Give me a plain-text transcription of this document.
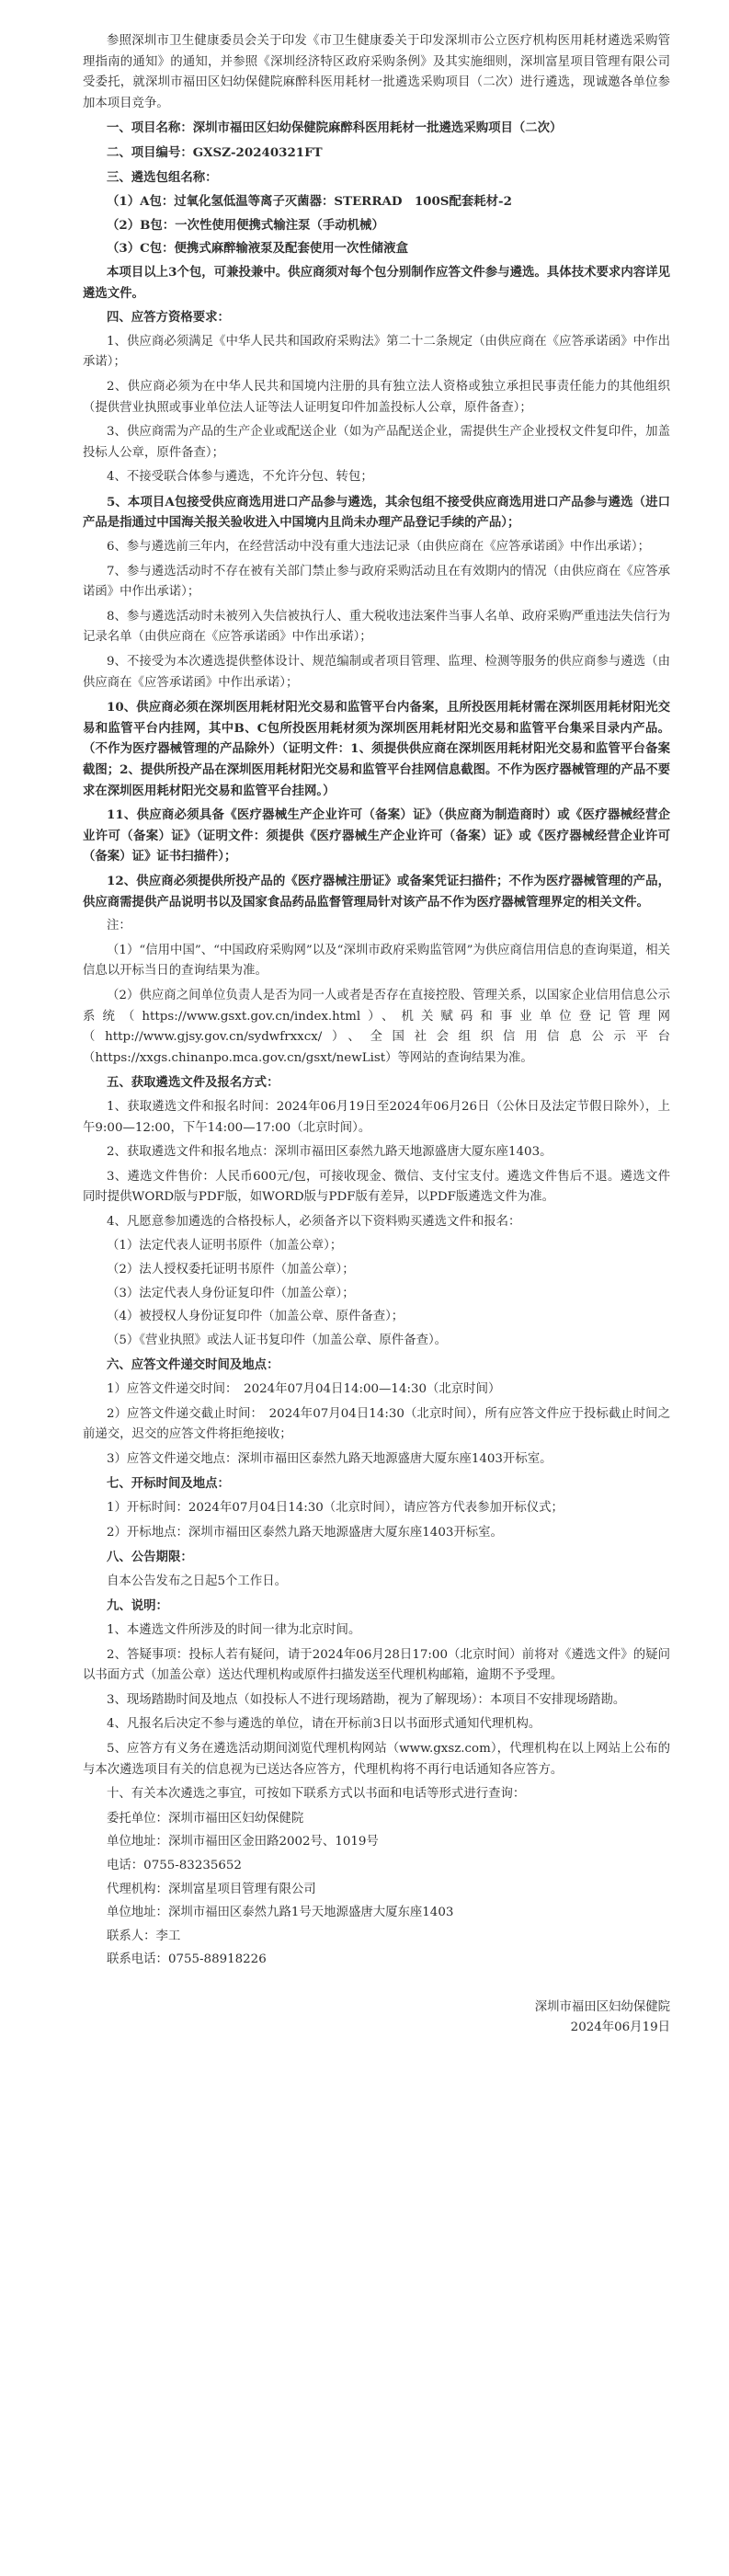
参照深圳市卫生健康委员会关于印发《市卫生健康委关于印发深圳市公立医疗机构医用耗材遴选采购管理指南的通知》的通知，并参照《深圳经济特区政府采购条例》及其实施细则，深圳富星项目管理有限公司受委托，就深圳市福田区妇幼保健院麻醉科医用耗材一批遴选采购项目（二次）进行遴选，现诚邀各单位参加本项目竞争。

一、项目名称：深圳市福田区妇幼保健院麻醉科医用耗材一批遴选采购项目（二次）

二、项目编号：GXSZ-20240321FT

三、遴选包组名称：

（1）A包：过氧化氢低温等离子灭菌器：STERRAD　100S配套耗材-2

（2）B包：一次性使用便携式输注泵（手动机械）

（3）C包：便携式麻醉输液泵及配套使用一次性储液盒

本项目以上3个包，可兼投兼中。供应商须对每个包分别制作应答文件参与遴选。具体技术要求内容详见遴选文件。

四、应答方资格要求：

1、供应商必须满足《中华人民共和国政府采购法》第二十二条规定（由供应商在《应答承诺函》中作出承诺）；

2、供应商必须为在中华人民共和国境内注册的具有独立法人资格或独立承担民事责任能力的其他组织（提供营业执照或事业单位法人证等法人证明复印件加盖投标人公章，原件备查）；

3、供应商需为产品的生产企业或配送企业（如为产品配送企业，需提供生产企业授权文件复印件，加盖投标人公章，原件备查）；

4、不接受联合体参与遴选，不允许分包、转包；

5、本项目A包接受供应商选用进口产品参与遴选，其余包组不接受供应商选用进口产品参与遴选（进口产品是指通过中国海关报关验收进入中国境内且尚未办理产品登记手续的产品）；

6、参与遴选前三年内，在经营活动中没有重大违法记录（由供应商在《应答承诺函》中作出承诺）；

7、参与遴选活动时不存在被有关部门禁止参与政府采购活动且在有效期内的情况（由供应商在《应答承诺函》中作出承诺）；

8、参与遴选活动时未被列入失信被执行人、重大税收违法案件当事人名单、政府采购严重违法失信行为记录名单（由供应商在《应答承诺函》中作出承诺）；

9、不接受为本次遴选提供整体设计、规范编制或者项目管理、监理、检测等服务的供应商参与遴选（由供应商在《应答承诺函》中作出承诺）；

10、供应商必须在深圳医用耗材阳光交易和监管平台内备案，且所投医用耗材需在深圳医用耗材阳光交易和监管平台内挂网，其中B、C包所投医用耗材须为深圳医用耗材阳光交易和监管平台集采目录内产品。（不作为医疗器械管理的产品除外）（证明文件：1、须提供供应商在深圳医用耗材阳光交易和监管平台备案截图；2、提供所投产品在深圳医用耗材阳光交易和监管平台挂网信息截图。不作为医疗器械管理的产品不要求在深圳医用耗材阳光交易和监管平台挂网。）

11、供应商必须具备《医疗器械生产企业许可（备案）证》（供应商为制造商时）或《医疗器械经营企业许可（备案）证》（证明文件：须提供《医疗器械生产企业许可（备案）证》或《医疗器械经营企业许可（备案）证》证书扫描件）；

12、供应商必须提供所投产品的《医疗器械注册证》或备案凭证扫描件；不作为医疗器械管理的产品，供应商需提供产品说明书以及国家食品药品监督管理局针对该产品不作为医疗器械管理界定的相关文件。

注：

（1）“信用中国”、“中国政府采购网”以及“深圳市政府采购监管网”为供应商信用信息的查询渠道，相关信息以开标当日的查询结果为准。

（2）供应商之间单位负责人是否为同一人或者是否存在直接控股、管理关系，以国家企业信用信息公示系统（https://www.gsxt.gov.cn/index.html）、机关赋码和事业单位登记管理网（http://www.gjsy.gov.cn/sydwfrxxcx/）、全国社会组织信用信息公示平台（https://xxgs.chinanpo.mca.gov.cn/gsxt/newList）等网站的查询结果为准。

五、获取遴选文件及报名方式：

1、获取遴选文件和报名时间：2024年06月19日至2024年06月26日（公休日及法定节假日除外），上午9:00—12:00，下午14:00—17:00（北京时间）。

2、获取遴选文件和报名地点：深圳市福田区泰然九路天地源盛唐大厦东座1403。

3、遴选文件售价：人民币600元/包，可接收现金、微信、支付宝支付。遴选文件售后不退。遴选文件同时提供WORD版与PDF版，如WORD版与PDF版有差异，以PDF版遴选文件为准。

4、凡愿意参加遴选的合格投标人，必须备齐以下资料购买遴选文件和报名：

（1）法定代表人证明书原件（加盖公章）；

（2）法人授权委托证明书原件（加盖公章）；

（3）法定代表人身份证复印件（加盖公章）；

（4）被授权人身份证复印件（加盖公章、原件备查）；

（5）《营业执照》或法人证书复印件（加盖公章、原件备查）。

六、应答文件递交时间及地点：

1）应答文件递交时间：　2024年07月04日14:00—14:30（北京时间）

2）应答文件递交截止时间：　2024年07月04日14:30（北京时间），所有应答文件应于投标截止时间之前递交，迟交的应答文件将拒绝接收；

3）应答文件递交地点：深圳市福田区泰然九路天地源盛唐大厦东座1403开标室。

七、开标时间及地点：

1）开标时间：2024年07月04日14:30（北京时间），请应答方代表参加开标仪式；

2）开标地点：深圳市福田区泰然九路天地源盛唐大厦东座1403开标室。

八、公告期限：

自本公告发布之日起5个工作日。

九、说明：

1、本遴选文件所涉及的时间一律为北京时间。

2、答疑事项：投标人若有疑问，请于2024年06月28日17:00（北京时间）前将对《遴选文件》的疑问以书面方式（加盖公章）送达代理机构或原件扫描发送至代理机构邮箱，逾期不予受理。

3、现场踏勘时间及地点（如投标人不进行现场踏勘，视为了解现场）：本项目不安排现场踏勘。

4、凡报名后决定不参与遴选的单位，请在开标前3日以书面形式通知代理机构。

5、应答方有义务在遴选活动期间浏览代理机构网站（www.gxsz.com），代理机构在以上网站上公布的与本次遴选项目有关的信息视为已送达各应答方，代理机构将不再行电话通知各应答方。

十、有关本次遴选之事宜，可按如下联系方式以书面和电话等形式进行查询：

委托单位：深圳市福田区妇幼保健院

单位地址：深圳市福田区金田路2002号、1019号

电话：0755-83235652

代理机构：深圳富星项目管理有限公司

单位地址：深圳市福田区泰然九路1号天地源盛唐大厦东座1403

联系人：李工

联系电话：0755-88918226

深圳市福田区妇幼保健院

2024年06月19日
